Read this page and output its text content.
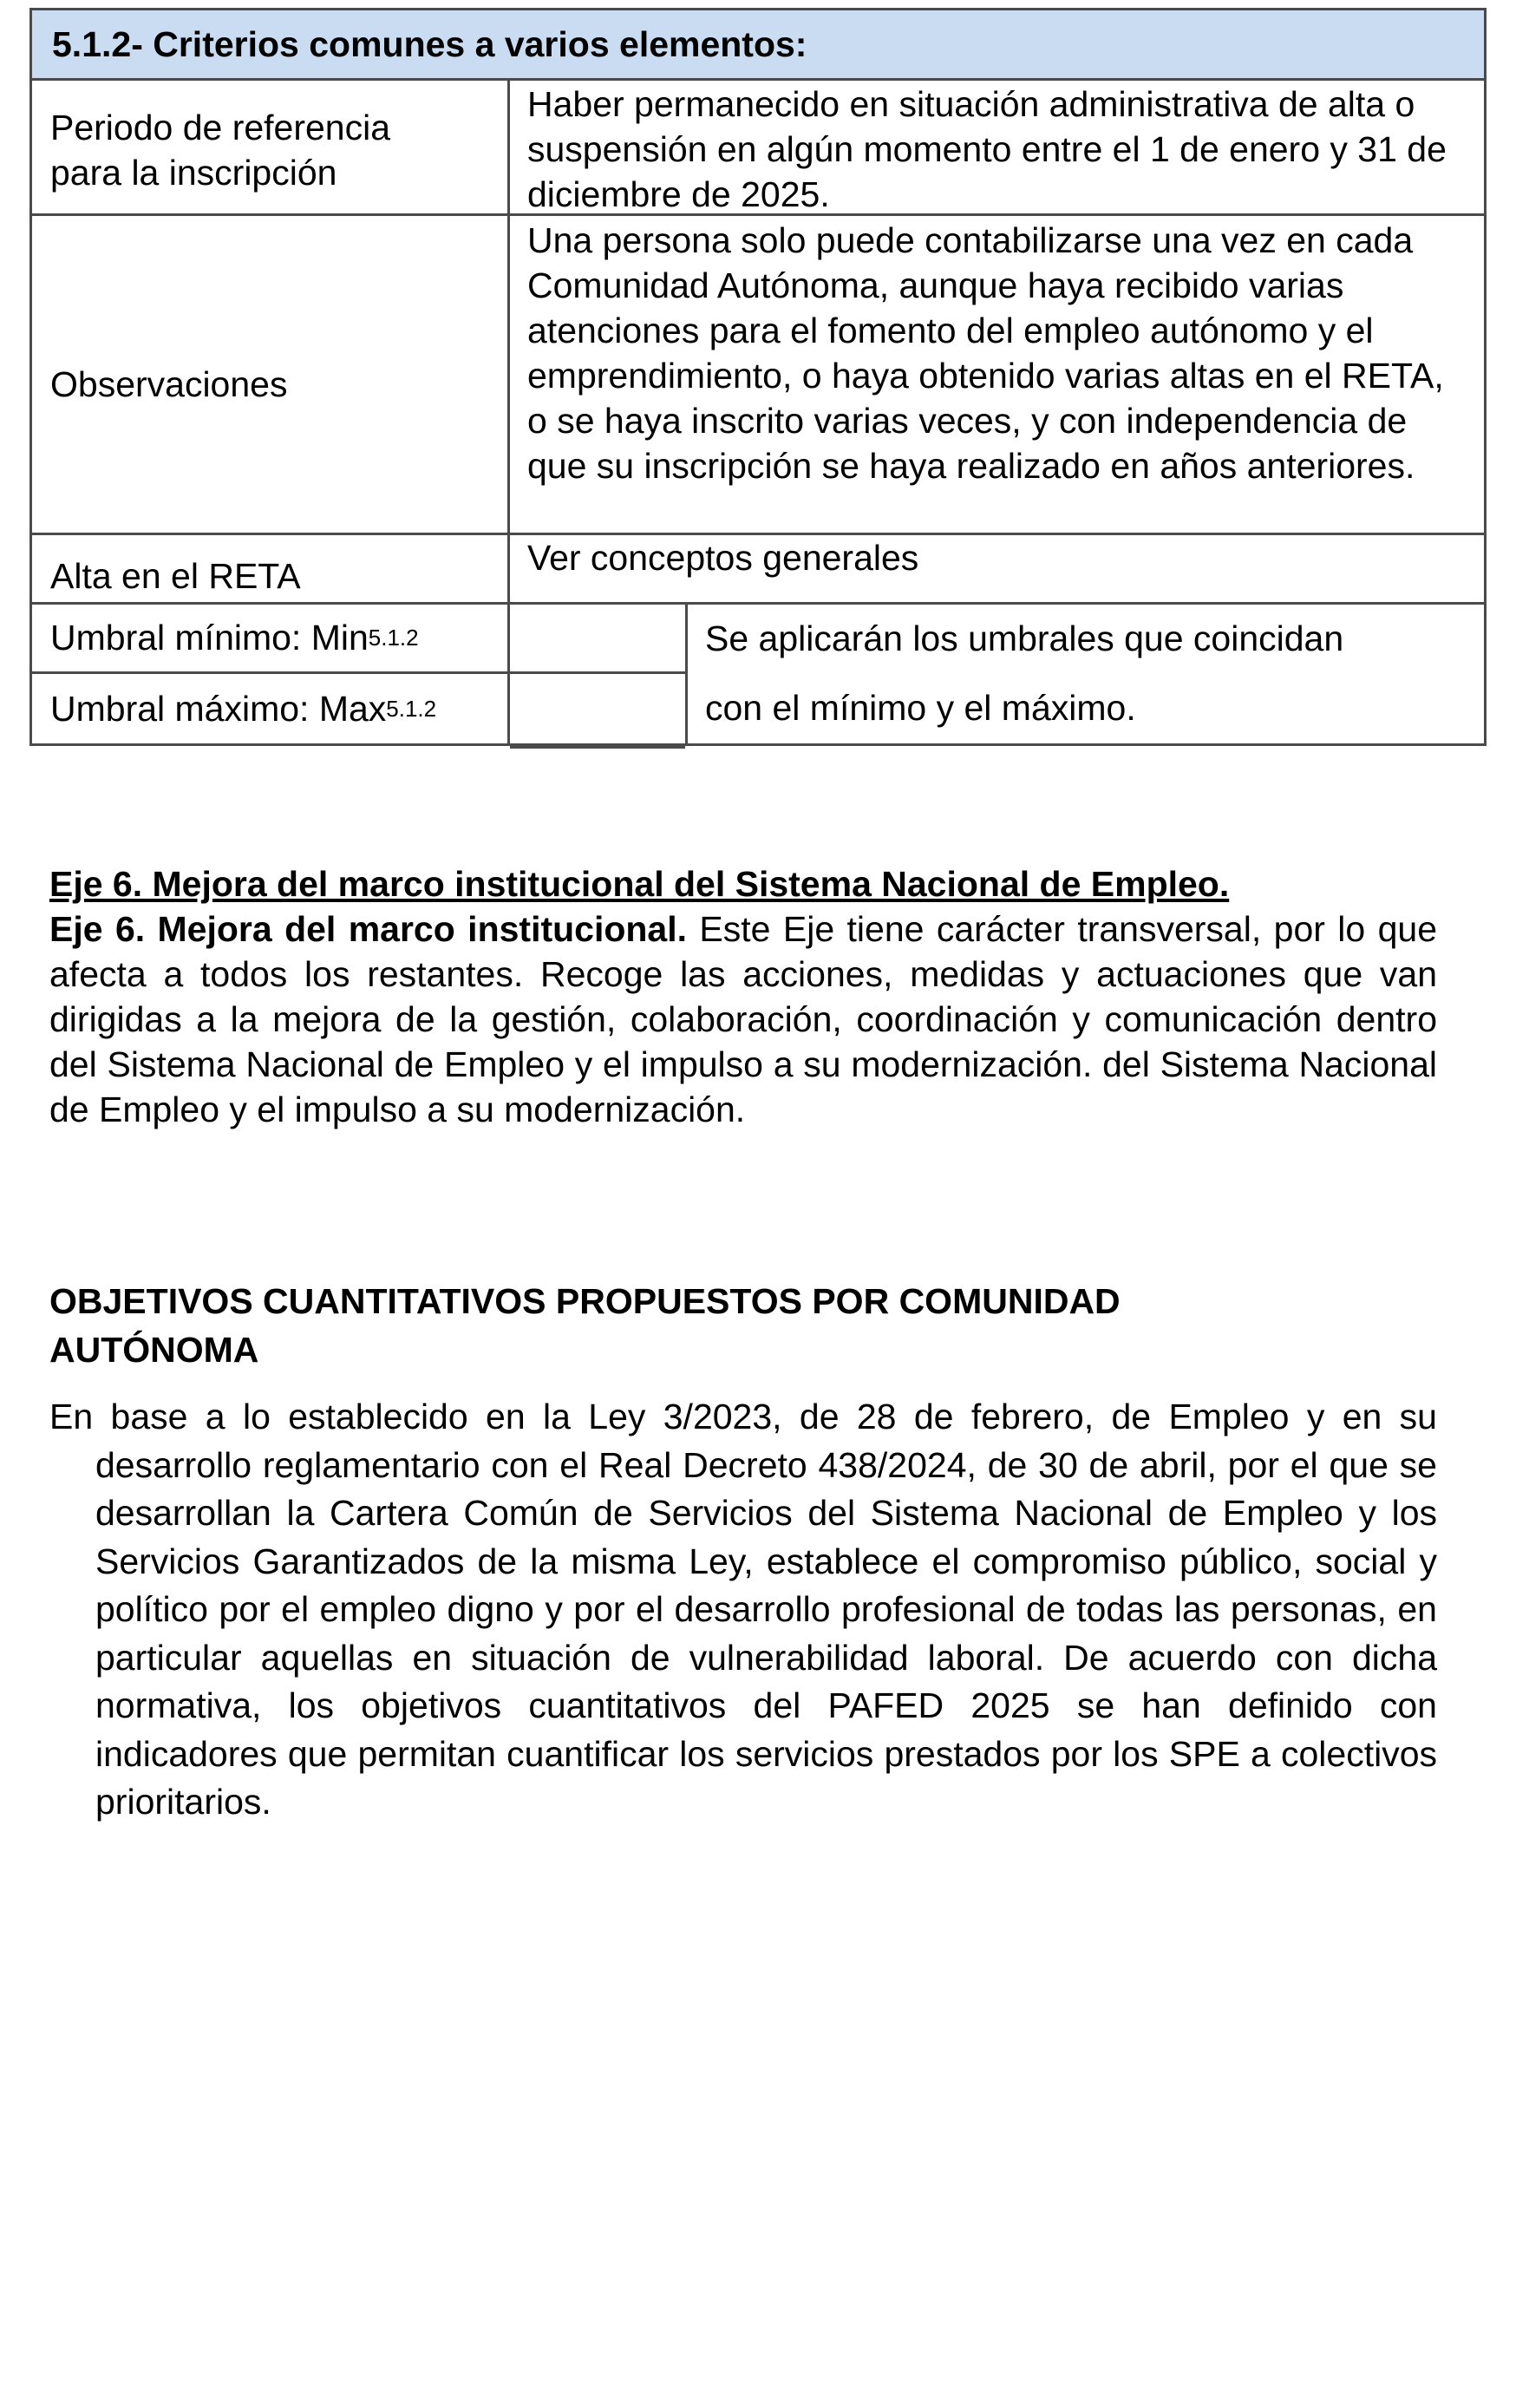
5.1.2 - Criterios comunes a varios elementos:
Periodo de referencia para la inscripción
Haber permanecido en situación administrativa de alta o suspensión en algún momento entre el 1 de enero y 31 de diciembre de 2025.
Observaciones
Una persona solo puede contabilizarse una vez en cada Comunidad Autónoma, aunque haya recibido varias atenciones para el fomento del empleo autónomo y el emprendimiento, o haya obtenido varias altas en el RETA, o se haya inscrito varias veces, y con independencia de que su inscripción se haya realizado en años anteriores.
Alta en el RETA	Ver conceptos generales
Umbral mínimo: Min 5.1.2
Umbral máximo: Max 5.1.2
Se aplicarán los umbrales que coincidan
con el mínimo y el máximo.
Eje 6. Mejora del marco institucional del Sistema Nacional de Empleo.
Eje 6. Mejora del marco institucional. Este Eje tiene carácter transversal, por lo que afecta a todos los restantes. Recoge las acciones, medidas y actuaciones que van dirigidas a la mejora de la gestión, colaboración, coordinación y comunicación dentro del Sistema Nacional de Empleo y el impulso a su modernización. del Sistema Nacional de Empleo y el impulso a su modernización.
OBJETIVOS CUANTITATIVOS PROPUESTOS POR COMUNIDAD
AUTÓNOMA
En base a lo establecido en la Ley 3/2023, de 28 de febrero, de Empleo y en su desarrollo reglamentario con el Real Decreto 438/2024, de 30 de abril, por el que se desarrollan la Cartera Común de Servicios del Sistema Nacional de Empleo y los Servicios Garantizados de la misma Ley, establece el compromiso público, social y político por el empleo digno y por el desarrollo profesional de todas las personas, en particular aquellas en situación de vulnerabilidad laboral. De acuerdo con dicha normativa, los objetivos cuantitativos del PAFED 2025 se han definido con indicadores que permitan cuantificar los servicios prestados por los SPE a colectivos prioritarios.
